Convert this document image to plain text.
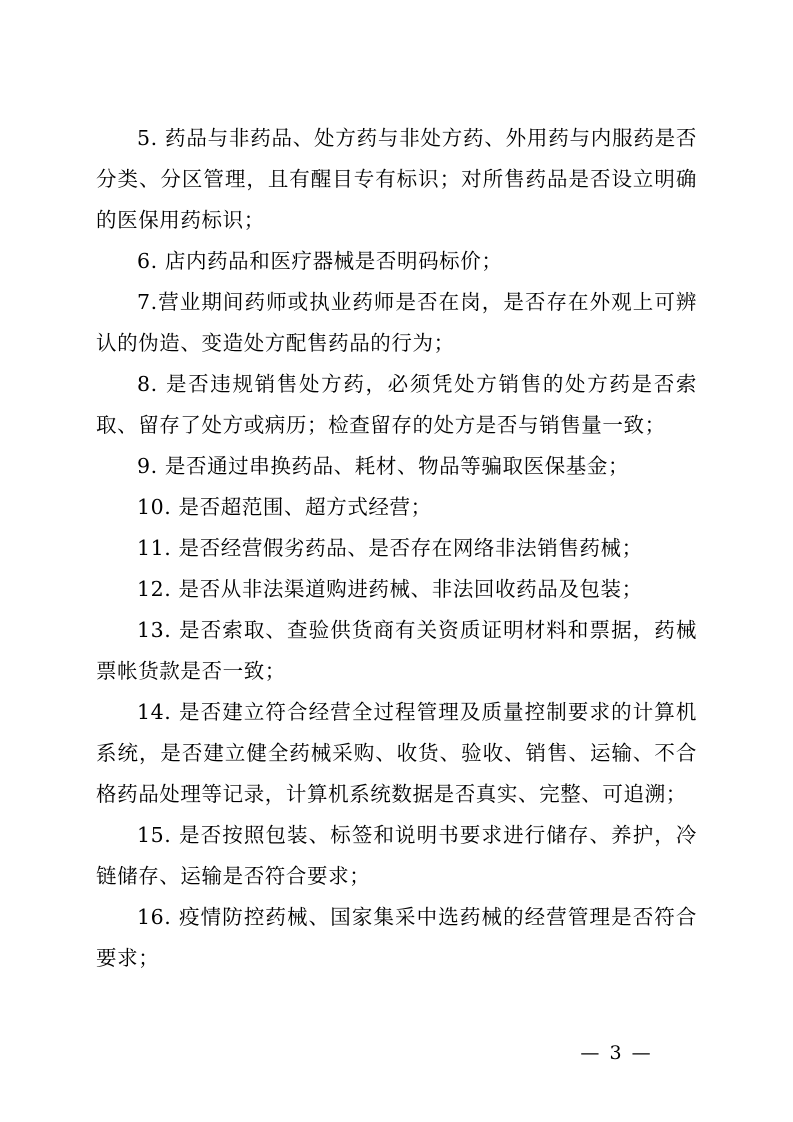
5. 药品与非药品、处方药与非处方药、外用药与内服药是否分类、分区管理，且有醒目专有标识；对所售药品是否设立明确的医保用药标识；

6. 店内药品和医疗器械是否明码标价；

7.营业期间药师或执业药师是否在岗，是否存在外观上可辨认的伪造、变造处方配售药品的行为；

8. 是否违规销售处方药，必须凭处方销售的处方药是否索取、留存了处方或病历；检查留存的处方是否与销售量一致；

9. 是否通过串换药品、耗材、物品等骗取医保基金；

10. 是否超范围、超方式经营；

11. 是否经营假劣药品、是否存在网络非法销售药械；

12. 是否从非法渠道购进药械、非法回收药品及包装；

13. 是否索取、查验供货商有关资质证明材料和票据，药械票帐货款是否一致；

14. 是否建立符合经营全过程管理及质量控制要求的计算机系统，是否建立健全药械采购、收货、验收、销售、运输、不合格药品处理等记录，计算机系统数据是否真实、完整、可追溯；

15. 是否按照包装、标签和说明书要求进行储存、养护，冷链储存、运输是否符合要求；

16. 疫情防控药械、国家集采中选药械的经营管理是否符合要求；

— 3 —
